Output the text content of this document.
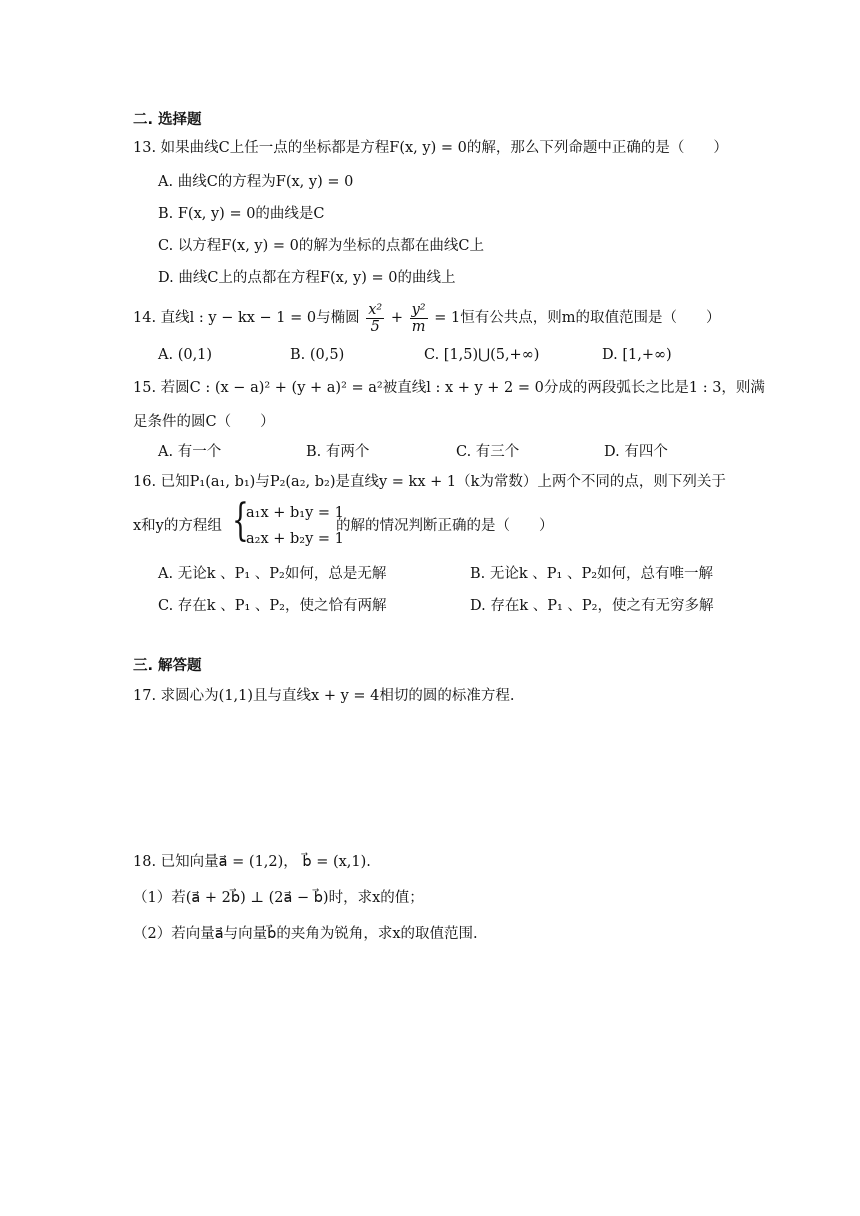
二. 选择题
13. 如果曲线C上任一点的坐标都是方程F(x, y) = 0的解，那么下列命题中正确的是（　　）
A. 曲线C的方程为F(x, y) = 0
B. F(x, y) = 0的曲线是C
C. 以方程F(x, y) = 0的解为坐标的点都在曲线C上
D. 曲线C上的点都在方程F(x, y) = 0的曲线上
14. 直线l : y − kx − 1 = 0与椭圆 $\frac{\text{x²}}{5} + \frac{\text{y²}}{m} = 1$恒有公共点，则m的取值范围是（　　）
A. (0,1)	B. (0,5)	C. [1,5)⋃(5,+∞)	D. [1,+∞)
15. 若圆C : (x − a)² + (y + a)² = a²被直线l : x + y + 2 = 0分成的两段弧长之比是1 : 3，则满
足条件的圆C（　　）
A. 有一个	B. 有两个	C. 有三个	D. 有四个
16. 已知P₁(a₁, b₁)与P₂(a₂, b₂)是直线y = kx + 1（k为常数）上两个不同的点，则下列关于
x和y的方程组 {
a₁x + b₁y = 1
a₂x + b₂y = 1
的解的情况判断正确的是（　　）
A. 无论k 、P₁ 、P₂如何，总是无解	B. 无论k 、P₁ 、P₂如何，总有唯一解
C. 存在k 、P₁ 、P₂，使之恰有两解	D. 存在k 、P₁ 、P₂，使之有无穷多解
三. 解答题
17. 求圆心为(1,1)且与直线x + y = 4相切的圆的标准方程.
18. 已知向量a⃗ = (1,2)， b⃗ = (x,1).
（1）若(a⃗ + 2b⃗) ⊥ (2a⃗ − b⃗)时，求x的值；
（2）若向量a⃗与向量b⃗的夹角为锐角，求x的取值范围.
